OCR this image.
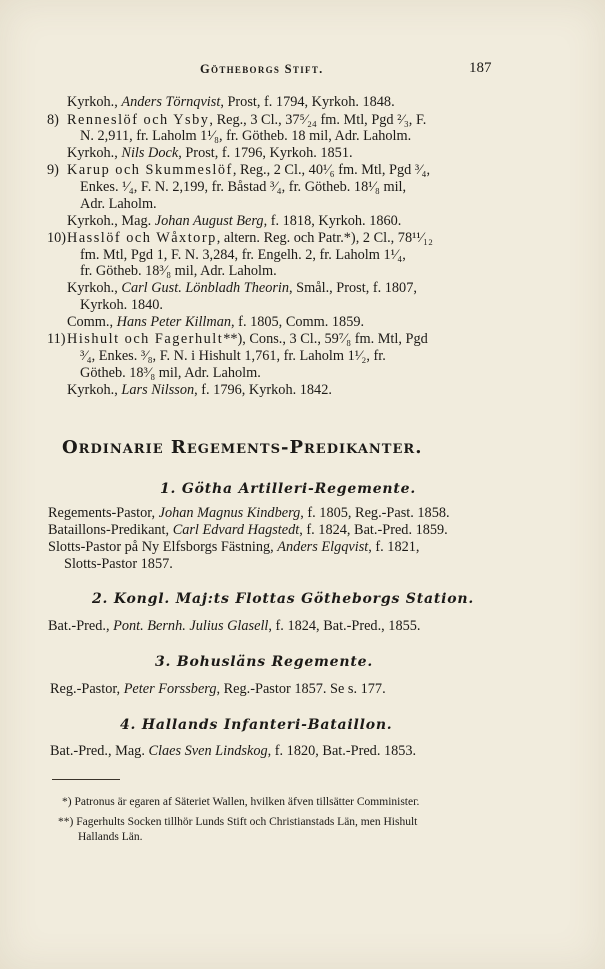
Götheborgs Stift.	187
Kyrkoh., Anders Törnqvist, Prost, f. 1794, Kyrkoh. 1848.
8) Renneslöf och Ysby, Reg., 3 Cl., 37⁵⁄₂₄ fm. Mtl, Pgd ²⁄₃, F.
N. 2,911, fr. Laholm 1¹⁄₈, fr. Götheb. 18 mil, Adr. Laholm.
Kyrkoh., Nils Dock, Prost, f. 1796, Kyrkoh. 1851.
9) Karup och Skummeslöf, Reg., 2 Cl., 40¹⁄₆ fm. Mtl, Pgd ³⁄₄,
Enkes. ¹⁄₄, F. N. 2,199, fr. Båstad ³⁄₄, fr. Götheb. 18¹⁄₈ mil,
Adr. Laholm.
Kyrkoh., Mag. Johan August Berg, f. 1818, Kyrkoh. 1860.
10) Hasslöf och Wåxtorp, altern. Reg. och Patr.*), 2 Cl., 78¹¹⁄₁₂
fm. Mtl, Pgd 1, F. N. 3,284, fr. Engelh. 2, fr. Laholm 1¹⁄₄,
fr. Götheb. 18³⁄₈ mil, Adr. Laholm.
Kyrkoh., Carl Gust. Lönbladh Theorin, Smål., Prost, f. 1807,
Kyrkoh. 1840.
Comm., Hans Peter Killman, f. 1805, Comm. 1859.
11) Hishult och Fagerhult**), Cons., 3 Cl., 59⁷⁄₈ fm. Mtl, Pgd
³⁄₄, Enkes. ³⁄₈, F. N. i Hishult 1,761, fr. Laholm 1¹⁄₂, fr.
Götheb. 18³⁄₈ mil, Adr. Laholm.
Kyrkoh., Lars Nilsson, f. 1796, Kyrkoh. 1842.
Ordinarie Regements-Predikanter.
1. Götha Artilleri-Regemente.
Regements-Pastor, Johan Magnus Kindberg, f. 1805, Reg.-Past. 1858.
Bataillons-Predikant, Carl Edvard Hagstedt, f. 1824, Bat.-Pred. 1859.
Slotts-Pastor på Ny Elfsborgs Fästning, Anders Elgqvist, f. 1821,
Slotts-Pastor 1857.
2. Kongl. Maj:ts Flottas Götheborgs Station.
Bat.-Pred., Pont. Bernh. Julius Glasell, f. 1824, Bat.-Pred., 1855.
3. Bohusläns Regemente.
Reg.-Pastor, Peter Forssberg, Reg.-Pastor 1857. Se s. 177.
4. Hallands Infanteri-Bataillon.
Bat.-Pred., Mag. Claes Sven Lindskog, f. 1820, Bat.-Pred. 1853.
*) Patronus är egaren af Säteriet Wallen, hvilken äfven tillsätter Comministeг.
**) Fagerhults Socken tillhör Lunds Stift och Christianstads Län, men Hishult
Hallands Län.
